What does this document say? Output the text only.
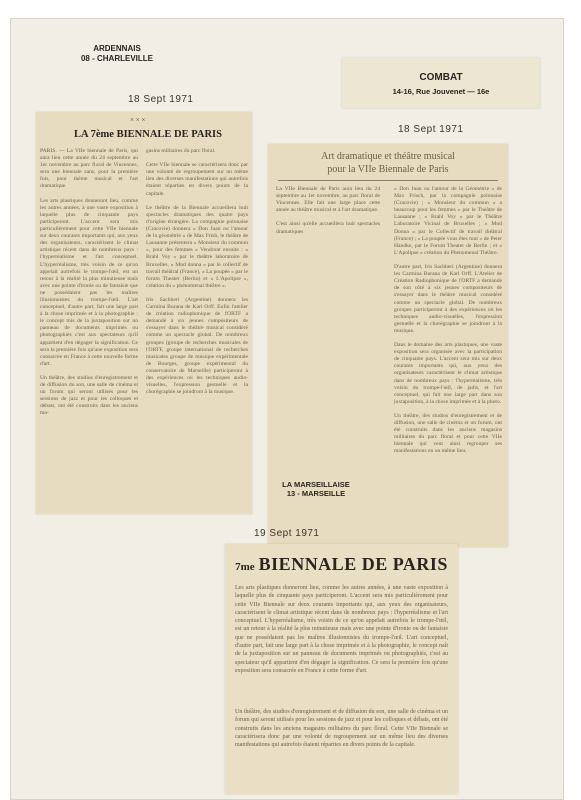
ARDENNAIS
08 - CHARLEVILLE
18 Sept 1971
× × ×
LA 7ème BIENNALE DE PARIS
PARIS. — La VIIe biennale de Paris, qui aura lieu cette année du 24 septembre au 1er novembre au parc floral de Vincennes, sera une biennale sans, pour la première fois, pour thème musical et l'art dramatique.

Les arts plastiques donneront lieu, comme les autres années, à une vaste exposition à laquelle plus de cinquante pays participeront. L'accent sera mis particulièrement pour cette VIIe biennale sur deux courants importants qui, aux yeux des organisateurs, caractérisent le climat artistique récent dans de nombreux pays : l'hyperréalisme et l'art conceptuel. L'hyperréalisme, très voisin de ce qu'on appelait autrefois le trompe-l'œil, est un retour à la réalité la plus minutieuse mais avec une pointe d'ironie ou de fantaisie que ne possédaient pas les maîtres illusionnistes du trompe-l'œil. L'art conceptuel, d'autre part, fait une large part à la chose imprimée et à la photographie : le concept mis de la juxtaposition sur un panneau de documents imprimés ou photographiés c'est aux spectateurs qu'il appartient d'en dégager la signification. Ce sera la première fois qu'une exposition sera consacrée en France à cette nouvelle forme d'art.

Un théâtre, des studios d'enregistrement et de diffusion du son, une salle de cinéma et un forum qui seront utilisés pour les sessions de jazz et pour les colloques et débats, ont été construits dans les anciens ma-
gasins militaires du parc floral.

Cette VIIe biennale se caractérisera donc par une volonté de regroupement sur un même lieu des diverses manifestations qui autrefois étaient réparties en divers points de la capitale.

Le théâtre de la Biennale accueillera huit spectacles dramatiques des quatre pays d'origine étrangère. La compagnie polonaise (Cracovie) donnera « Don Juan ou l'amour de la géométrie » de Max Frish, le théâtre de Lausanne présentera « Monsieur du commun », pour des femmes » Vendront ensuite : « Brahl Voy » par le théâtre laboratoire de Bruxelles, « Mnd donna » par le collectif de travail théâtral (France), « La poupée » par le forum Theater (Berlin) et « L'Apolipse », création du « phénomenal théâtre ».

Iris Sachheri (Argentine) donnera les Carmina Burana de Karl Orff. Enfin l'atelier de création radiophonique de l'ORTF a demandé à six jeunes compositeurs de s'essayer dans le théâtre musical considéré comme un spectacle global. De nombreux groupes (groupe de recherches musicales de l'ORTF, groupe international de recherches musicales groupe de musique expérimentale de Bourges, groupe expérimental du conservatoire de Marseille) participeront à des expériences où les techniques audio-visuelles, l'expression gestuelle et la chorégraphie se joindront à la musique.
COMBAT
14-16, Rue Jouvenet — 16e
18 Sept 1971
Art dramatique et théâtre musical
pour la VIIe Biennale de Paris
La VIIe Biennale de Paris aura lieu du 24 septembre au 1er novembre, au parc floral de Vincennes. Elle fait une large place cette année au théâtre musical et à l'art dramatique.

C'est ainsi qu'elle accueillera huit spectacles dramatiques
« Don Juan ou l'amour de la Géométrie » de Max Frisch, par la compagnie polonaise (Cracovie) ; « Monsieur du commun » a beaucoup pour les femmes » par le Théâtre de Lausanne ; « Brahl Voy » par le Théâtre Laboratoire Vicinal de Bruxelles ; « Mnd Donna » par le Collectif de travail théâtral (France) ; « La poupée vous êtes tout » de Peter Handke, par le Forum Theater de Berlin ; et « L'Apolipse » création du Phenomenal Théâtre.

D'autre part, Iris Sachheri (Argentine) donnera les Carmina Burana de Karl Orff. L'Atelier de Création Radiophonique de l'ORTF a demandé de son côté à six jeunes compositeurs de s'essayer dans le théâtre musical considéré comme un spectacle global. De nombreux groupes participeront à des expériences où les techniques audio-visuelles, l'expression gestuelle et la chorégraphie se joindront à la musique.

Dans le domaine des arts plastiques, une vaste exposition sera organisée avec la participation de cinquante pays. L'accent sera mis sur deux courants importants qui, aux yeux des organisateurs caractérisent le climat artistique dans de nombreux pays : l'hyperréalisme, très voisin du trompe-l'œil, de jadis, et l'art conceptuel, qui fait une large part dans son juxtaposition, à la chose imprimée et à la photo.

Un théâtre, des studios d'enregistrement et de diffusion, une salle de cinéma et un forum, ont été construits dans les anciens magasins militaires du parc floral et pour cette VIIe biennale qui veut ainsi regrouper ses manifestations en un même lieu.
LA MARSEILLAISE
13 - MARSEILLE
19 Sept 1971
7me BIENNALE DE PARIS
Les arts plastiques donneront lieu, comme les autres années, à une vaste exposition à laquelle plus de cinquante pays participeront. L'accent sera mis particulièrement pour cette VIIe Biennale sur deux courants importants qui, aux yeux des organisateurs, caractérisent le climat artistique récent dans de nombreux pays : l'hyperréalisme et l'art conceptuel. L'hyperréalisme, très voisin de ce qu'on appelait autrefois le trompe-l'œil, est un retour à la réalité la plus minutieuse mais avec une pointe d'ironie ou de fantaisie que ne possédaient pas les maîtres illusionnistes du trompe-l'œil. L'art conceptuel, d'autre part, fait une large part à la chose imprimée et à la photographie, le concept naît de la juxtaposition sur un panneau de documents imprimés ou photographiés, c'est au spectateur qu'il appartient d'en dégager la signification. Ce sera la première fois qu'une exposition sera consacrée en France à cette forme d'art.
Un théâtre, des studios d'enregistrement et de diffusion du son, une salle de cinéma et un forum qui seront utilisés pour les sessions de jazz et pour les colloques et débats, ont été construits dans les anciens magasins militaires du parc floral. Cette VIIe Biennale se caractérisera donc par une volonté de regroupement sur un même lieu des diverses manifestations qui autrefois étaient réparties en divers points de la capitale.
